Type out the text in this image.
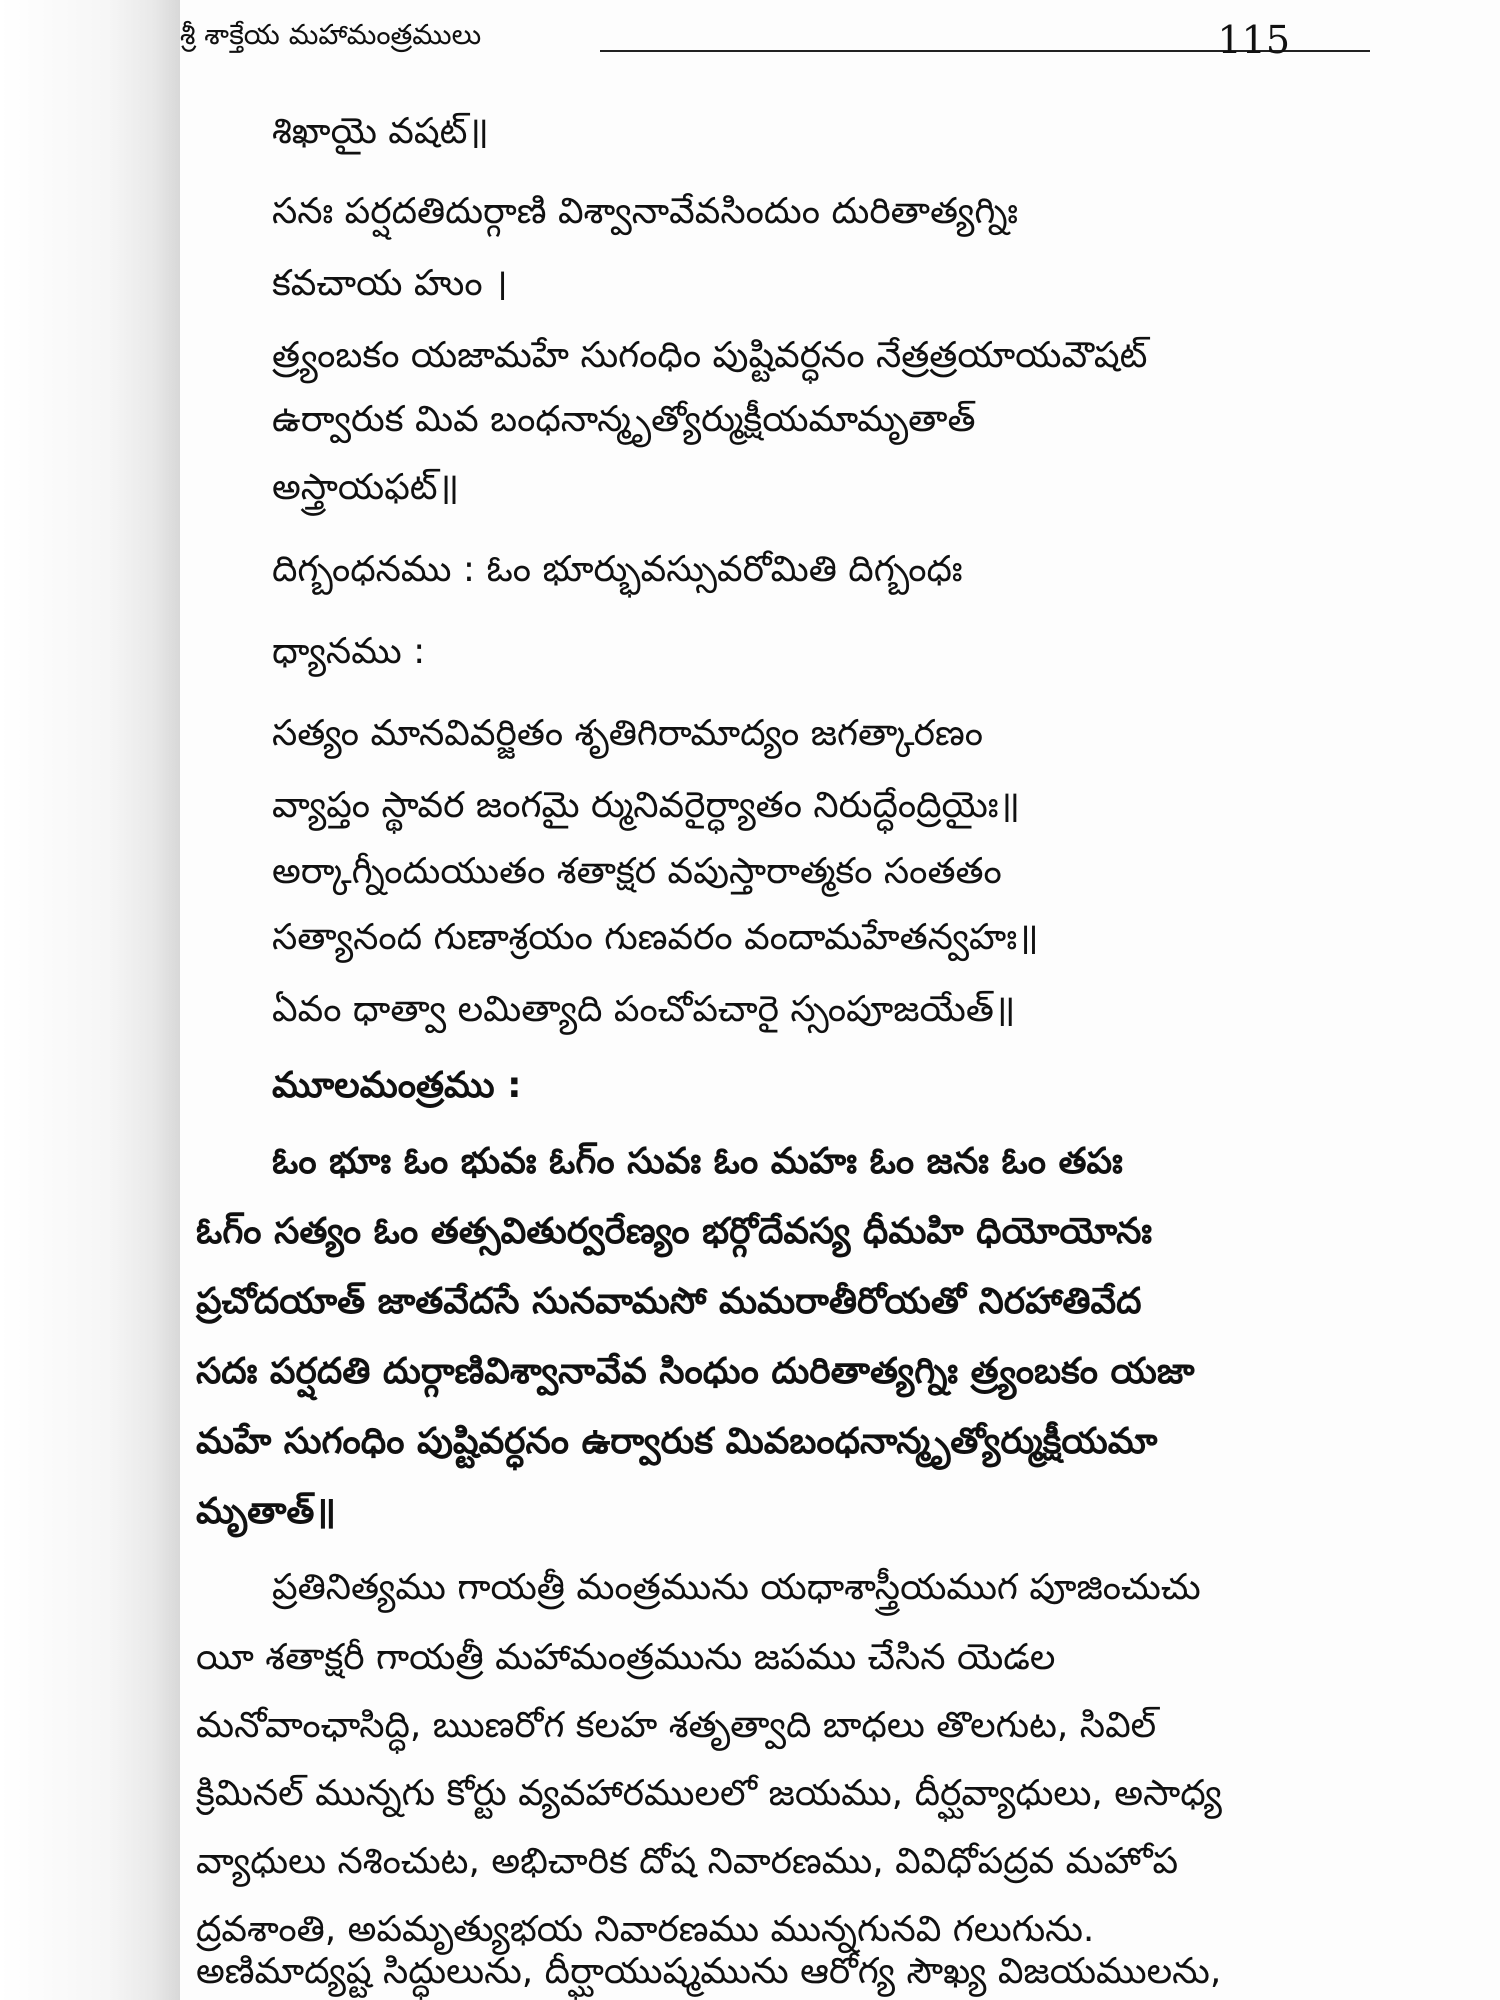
శ్రీ శాక్తేయ మహామంత్రములు	115
శిఖాయై వషట్॥
సనః పర్షదతిదుర్గాణి విశ్వానావేవసిందుం దురితాత్యగ్నిః
కవచాయ హుం ।
త్ర్యంబకం యజామహే సుగంధిం పుష్టివర్ధనం నేత్రత్రయాయవౌషట్
ఉర్వారుక మివ బంధనాన్మృత్యోర్ముక్షీయమామృతాత్
అస్త్రాయఫట్॥
దిగ్బంధనము : ఓం భూర్భువస్సువరోమితి దిగ్బంధః
ధ్యానము :
సత్యం మానవివర్జితం శృతిగిరామాద్యం జగత్కారణం
వ్యాప్తం స్థావర జంగమై ర్మునివరైర్ధ్యాతం నిరుద్ధేంద్రియైః॥
అర్కాగ్నీందుయుతం శతాక్షర వపుస్తారాత్మకం సంతతం
సత్యానంద గుణాశ్రయం గుణవరం వందామహేతన్వహః॥
ఏవం ధాత్వా లమిత్యాది పంచోపచారై స్సంపూజయేత్॥
మూలమంత్రము :
ఓం భూః ఓం భువః ఓగ్ం సువః ఓం మహః ఓం జనః ఓం తపః
ఓగ్ం సత్యం ఓం తత్సవితుర్వరేణ్యం భర్గోదేవస్య ధీమహి ధియోయోనః
ప్రచోదయాత్ జాతవేదసే సునవామసో మమరాతీరోయతో నిరహాతివేద
సదః పర్షదతి దుర్గాణివిశ్వానావేవ సింధుం దురితాత్యగ్నిః త్ర్యంబకం యజా
మహే సుగంధిం పుష్టివర్ధనం ఉర్వారుక మివబంధనాన్మృత్యోర్ముక్షీయమా
మృతాత్॥
ప్రతినిత్యము గాయత్రీ మంత్రమును యధాశాస్త్రీయముగ పూజించుచు
యీ శతాక్షరీ గాయత్రీ మహామంత్రమును జపము చేసిన యెడల
మనోవాంఛాసిద్ధి, ఋణరోగ కలహ శతృత్వాది బాధలు తొలగుట, సివిల్
క్రిమినల్ మున్నగు కోర్టు వ్యవహారములలో జయము, దీర్ఘవ్యాధులు, అసాధ్య
వ్యాధులు నశించుట, అభిచారిక దోష నివారణము, వివిధోపద్రవ మహోప
ద్రవశాంతి, అపమృత్యుభయ నివారణము మున్నగునవి గలుగును.
అణిమాద్యష్ట సిద్ధులును, దీర్ఘాయుష్మమును ఆరోగ్య సౌఖ్య విజయములను,
